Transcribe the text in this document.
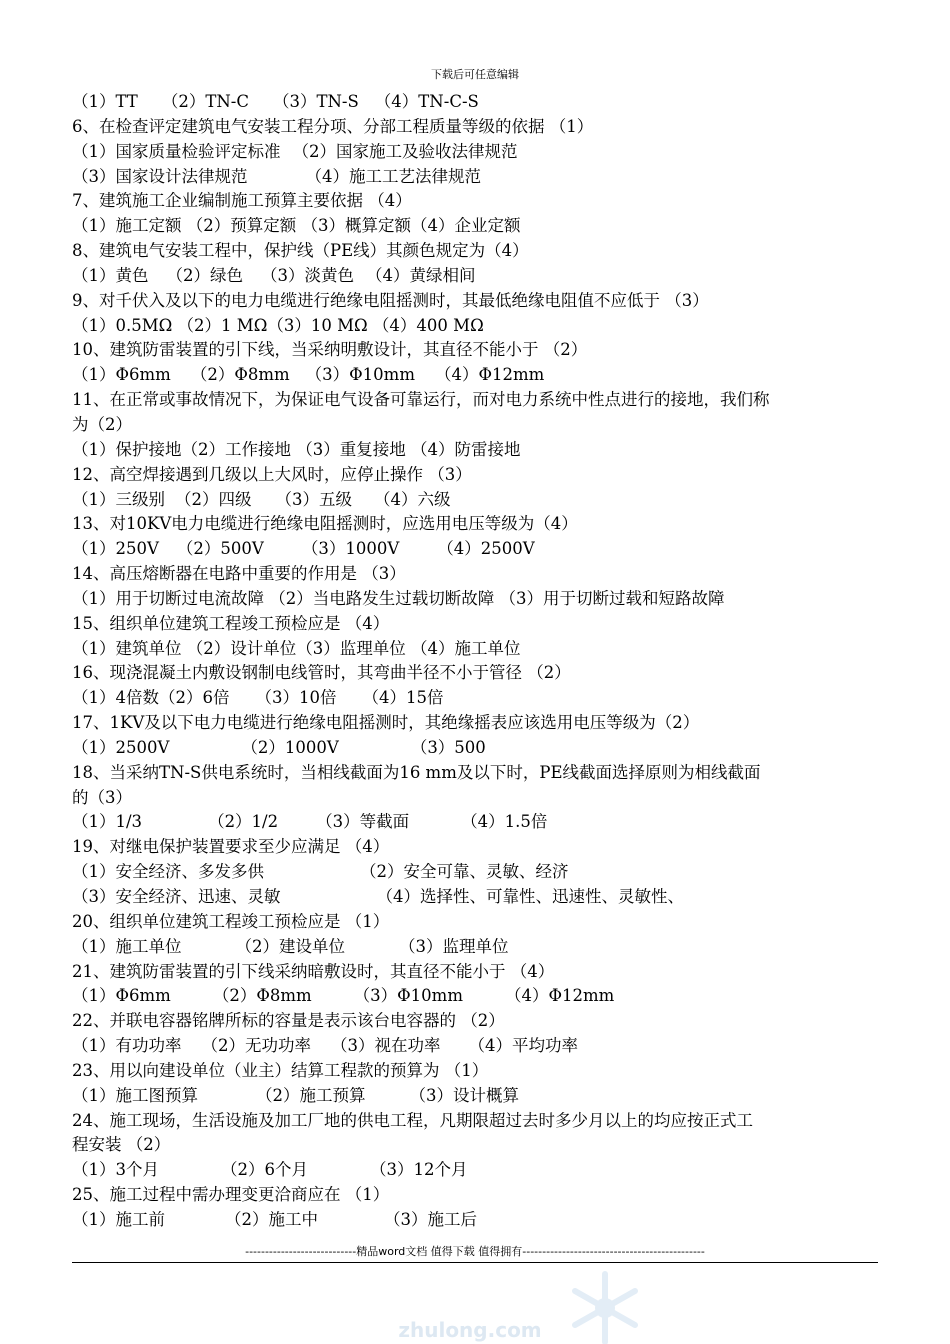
下载后可任意编辑
（1）TT （2）TN-C （3）TN-S （4）TN-C-S
6、在检查评定建筑电气安装工程分项、分部工程质量等级的依据 （1）
（1）国家质量检验评定标准 （2）国家施工及验收法律规范
（3）国家设计法律规范	（4）施工工艺法律规范
7、建筑施工企业编制施工预算主要依据 （4）
（1）施工定额 （2）预算定额 （3）概算定额（4）企业定额
8、建筑电气安装工程中，保护线（PE线）其颜色规定为（4）
（1）黄色 （2）绿色 （3）淡黄色 （4）黄绿相间
9、对千伏入及以下的电力电缆进行绝缘电阻摇测时，其最低绝缘电阻值不应低于 （3）
（1）0.5MΩ （2）1 MΩ（3）10 MΩ （4）400 MΩ
10、建筑防雷装置的引下线，当采纳明敷设计，其直径不能小于 （2）
（1）Φ6mm （2）Φ8mm （3）Φ10mm （4）Φ12mm
11、在正常或事故情况下，为保证电气设备可靠运行，而对电力系统中性点进行的接地，我们称
为（2）
（1）保护接地（2）工作接地 （3）重复接地 （4）防雷接地
12、高空焊接遇到几级以上大风时，应停止操作 （3）
（1）三级别 （2）四级 （3）五级 （4）六级
13、对10KV电力电缆进行绝缘电阻摇测时，应选用电压等级为（4）
（1）250V （2）500V （3）1000V （4）2500V
14、高压熔断器在电路中重要的作用是 （3）
（1）用于切断过电流故障 （2）当电路发生过载切断故障 （3）用于切断过载和短路故障
15、组织单位建筑工程竣工预检应是 （4）
（1）建筑单位 （2）设计单位（3）监理单位 （4）施工单位
16、现浇混凝土内敷设钢制电线管时，其弯曲半径不小于管径 （2）
（1）4倍数（2）6倍 （3）10倍 （4）15倍
17、1KV及以下电力电缆进行绝缘电阻摇测时，其绝缘摇表应该选用电压等级为（2）
（1）2500V	（2）1000V	（3）500
18、当采纳TN-S供电系统时，当相线截面为16 mm及以下时，PE线截面选择原则为相线截面
的（3）
（1）1/3	（2）1/2 （3）等截面	（4）1.5倍
19、对继电保护装置要求至少应满足 （4）
（1）安全经济、多发多供	（2）安全可靠、灵敏、经济
（3）安全经济、迅速、灵敏	（4）选择性、可靠性、迅速性、灵敏性、
20、组织单位建筑工程竣工预检应是 （1）
（1）施工单位	（2）建设单位	（3）监理单位
21、建筑防雷装置的引下线采纳暗敷设时，其直径不能小于 （4）
（1）Φ6mm	（2）Φ8mm	（3）Φ10mm	（4）Φ12mm
22、并联电容器铭牌所标的容量是表示该台电容器的 （2）
（1）有功功率 （2）无功功率 （3）视在功率 （4）平均功率
23、用以向建设单位（业主）结算工程款的预算为 （1）
（1）施工图预算	（2）施工预算	（3）设计概算
24、施工现场，生活设施及加工厂地的供电工程，凡期限超过去时多少月以上的均应按正式工
程安装 （2）
（1）3个月	（2）6个月	（3）12个月
25、施工过程中需办理变更洽商应在 （1）
（1）施工前	（2）施工中	（3）施工后
----------------------------精品word文档 值得下载 值得拥有----------------------------------------------
zhulong.com
